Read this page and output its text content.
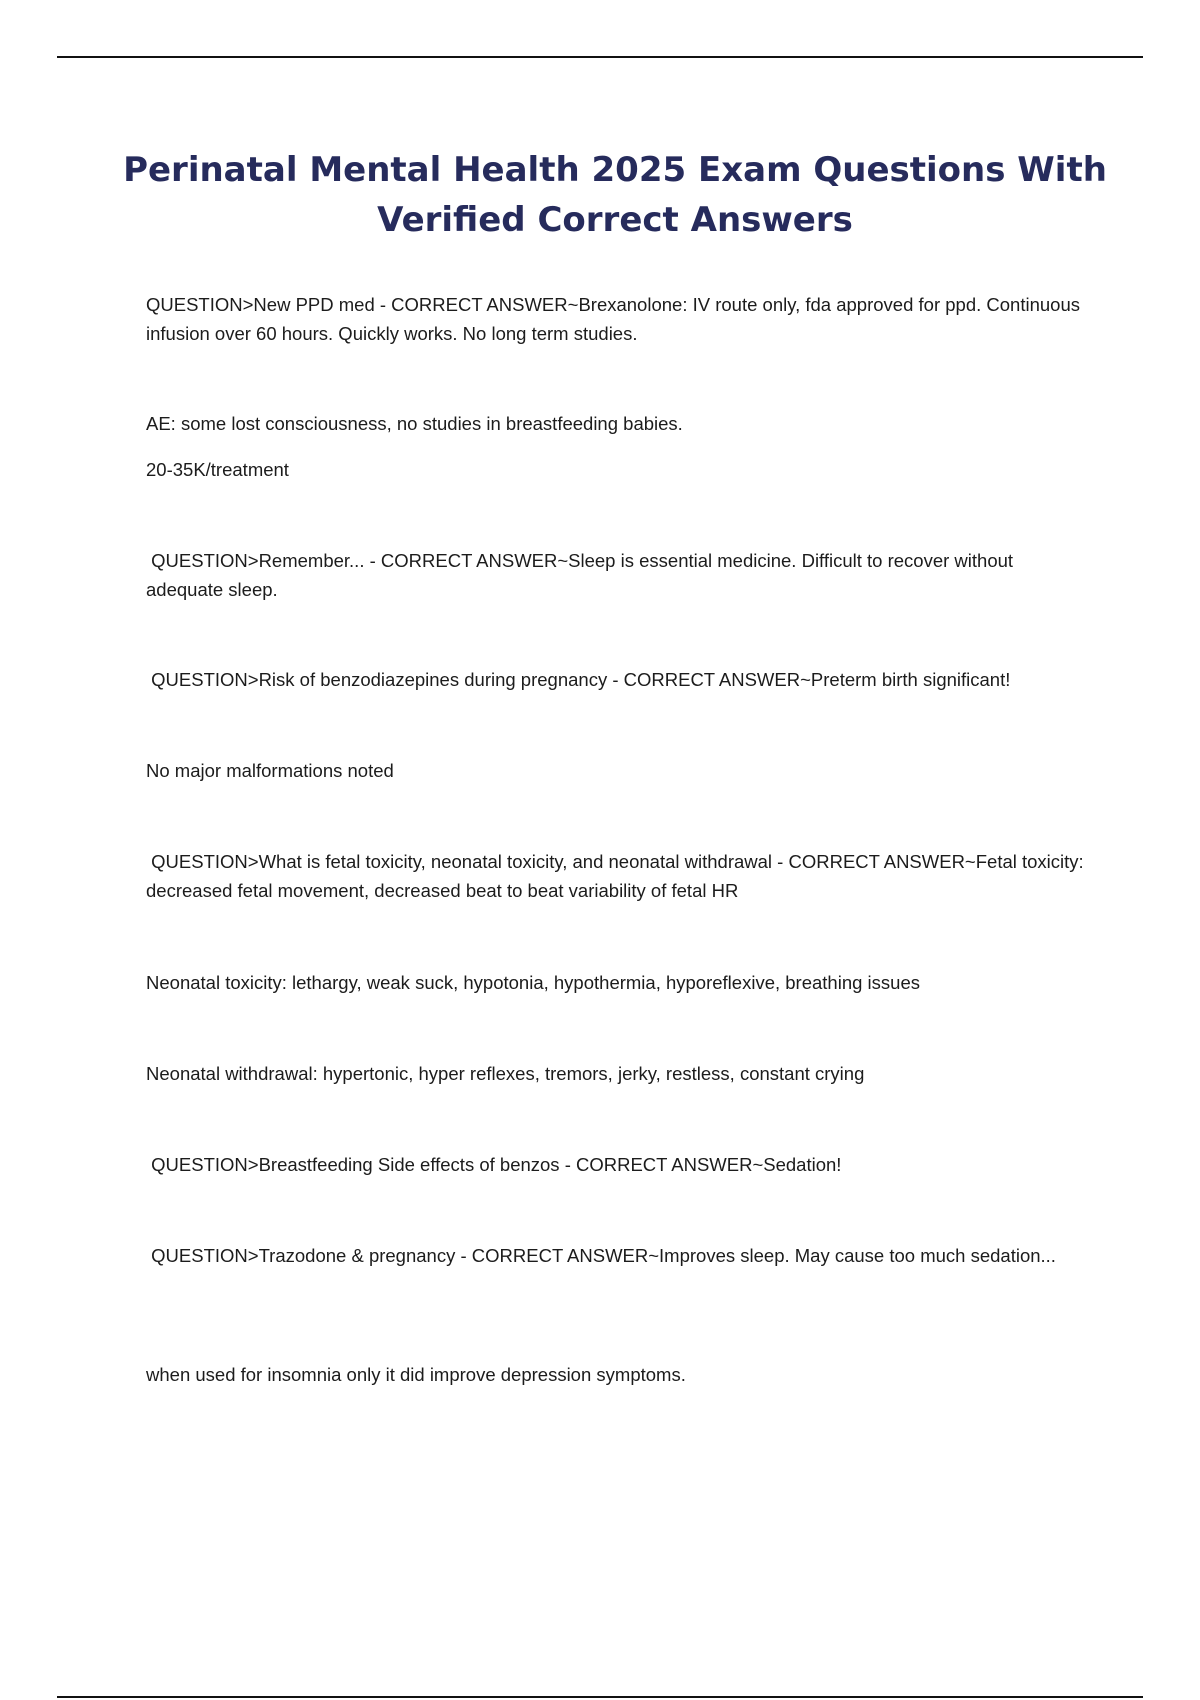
Perinatal Mental Health 2025 Exam Questions With Verified Correct Answers

QUESTION>New PPD med - CORRECT ANSWER~Brexanolone: IV route only, fda approved for ppd. Continuous infusion over 60 hours. Quickly works. No long term studies.

AE: some lost consciousness, no studies in breastfeeding babies.

20-35K/treatment

QUESTION>Remember... - CORRECT ANSWER~Sleep is essential medicine. Difficult to recover without adequate sleep.

QUESTION>Risk of benzodiazepines during pregnancy - CORRECT ANSWER~Preterm birth significant!

No major malformations noted

QUESTION>What is fetal toxicity, neonatal toxicity, and neonatal withdrawal - CORRECT ANSWER~Fetal toxicity: decreased fetal movement, decreased beat to beat variability of fetal HR

Neonatal toxicity: lethargy, weak suck, hypotonia, hypothermia, hyporeflexive, breathing issues

Neonatal withdrawal: hypertonic, hyper reflexes, tremors, jerky, restless, constant crying

QUESTION>Breastfeeding Side effects of benzos - CORRECT ANSWER~Sedation!

QUESTION>Trazodone & pregnancy - CORRECT ANSWER~Improves sleep. May cause too much sedation...

when used for insomnia only it did improve depression symptoms.
